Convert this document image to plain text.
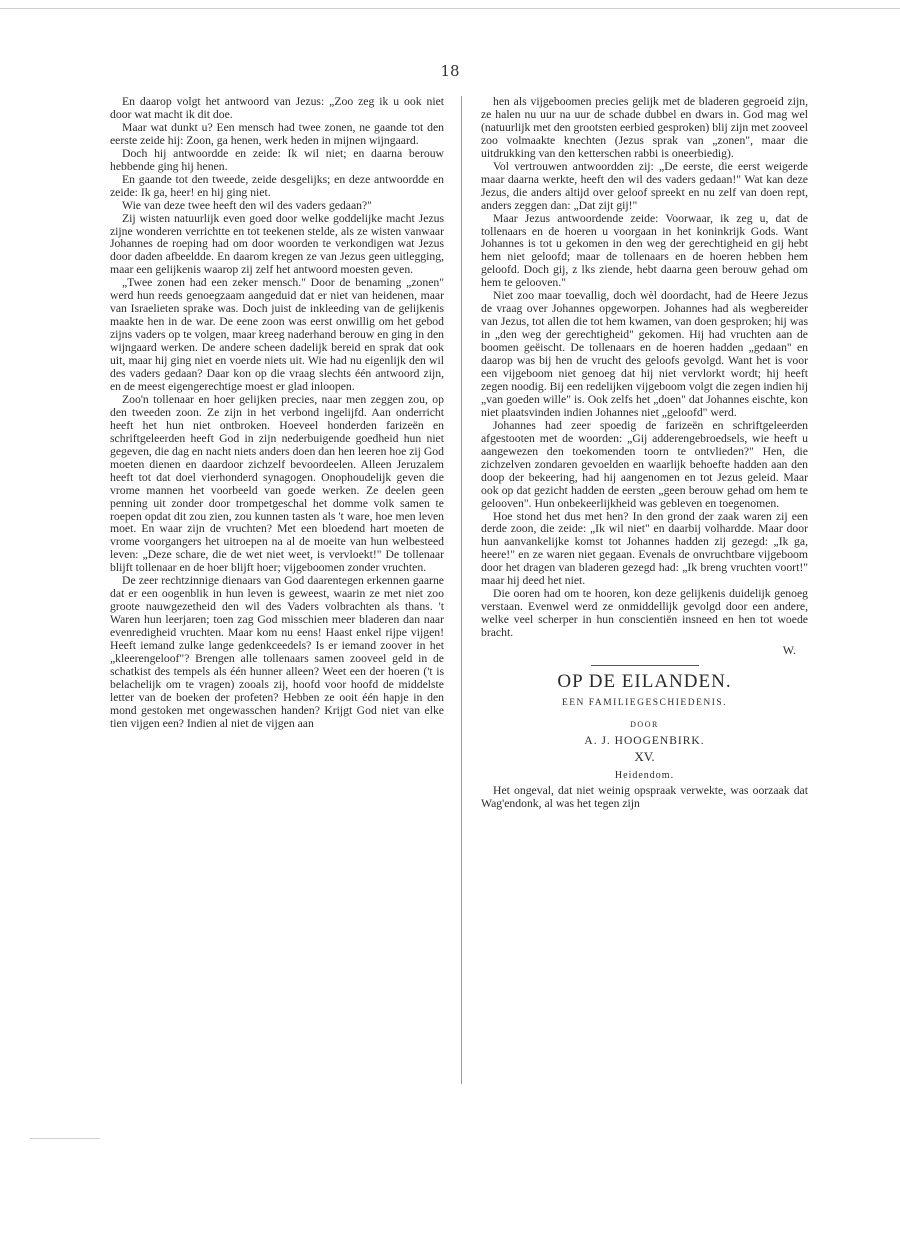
18

En daarop volgt het antwoord van Jezus: „Zoo zeg ik u ook niet door wat macht ik dit doe.

Maar wat dunkt u? Een mensch had twee zonen, ne gaande tot den eerste zeide hij: Zoon, ga henen, werk heden in mijnen wijngaard.

Doch hij antwoordde en zeide: Ik wil niet; en daarna berouw hebbende ging hij henen.

En gaande tot den tweede, zeide desgelijks; en deze antwoordde en zeide: Ik ga, heer! en hij ging niet.

Wie van deze twee heeft den wil des vaders gedaan?"

Zij wisten natuurlijk even goed door welke goddelijke macht Jezus zijne wonderen verrichtte en tot teekenen stelde, als ze wisten vanwaar Johannes de roeping had om door woorden te verkondigen wat Jezus door daden afbeeldde. En daarom kregen ze van Jezus geen uitlegging, maar een gelijkenis waarop zij zelf het antwoord moesten geven.

„Twee zonen had een zeker mensch." Door de benaming „zonen" werd hun reeds genoegzaam aangeduid dat er niet van heidenen, maar van Israelieten sprake was. Doch juist de inkleeding van de gelijkenis maakte hen in de war. De eene zoon was eerst onwillig om het gebod zijns vaders op te volgen, maar kreeg naderhand berouw en ging in den wijngaard werken. De andere scheen dadelijk bereid en sprak dat ook uit, maar hij ging niet en voerde niets uit. Wie had nu eigenlijk den wil des vaders gedaan? Daar kon op die vraag slechts één antwoord zijn, en de meest eigengerechtige moest er glad inloopen.

Zoo'n tollenaar en hoer gelijken precies, naar men zeggen zou, op den tweeden zoon. Ze zijn in het verbond ingelijfd. Aan onderricht heeft het hun niet ontbroken. Hoeveel honderden farizeën en schriftgeleerden heeft God in zijn nederbuigende goedheid hun niet gegeven, die dag en nacht niets anders doen dan hen leeren hoe zij God moeten dienen en daardoor zichzelf bevoordeelen. Alleen Jeruzalem heeft tot dat doel vierhonderd synagogen. Onophoudelijk geven die vrome mannen het voorbeeld van goede werken. Ze deelen geen penning uit zonder door trompetgeschal het domme volk samen te roepen opdat dit zou zien, zou kunnen tasten als 't ware, hoe men leven moet. En waar zijn de vruchten? Met een bloedend hart moeten de vrome voorgangers het uitroepen na al de moeite van hun welbesteed leven: „Deze schare, die de wet niet weet, is vervloekt!" De tollenaar blijft tollenaar en de hoer blijft hoer; vijgeboomen zonder vruchten.

De zeer rechtzinnige dienaars van God daarentegen erkennen gaarne dat er een oogenblik in hun leven is geweest, waarin ze met niet zoo groote nauwgezetheid den wil des Vaders volbrachten als thans. 't Waren hun leerjaren; toen zag God misschien meer bladeren dan naar evenredigheid vruchten. Maar kom nu eens! Haast enkel rijpe vijgen! Heeft iemand zulke lange gedenkceedels? Is er iemand zoover in het „kleerengeloof"? Brengen alle tollenaars samen zooveel geld in de schatkist des tempels als één hunner alleen? Weet een der hoeren ('t is belachelijk om te vragen) zooals zij, hoofd voor hoofd de middelste letter van de boeken der profeten? Hebben ze ooit één hapje in den mond gestoken met ongewasschen handen? Krijgt God niet van elke tien vijgen een? Indien al niet de vijgen aan

hen als vijgeboomen precies gelijk met de bladeren gegroeid zijn, ze halen nu uur na uur de schade dubbel en dwars in. God mag wel (natuurlijk met den grootsten eerbied gesproken) blij zijn met zooveel zoo volmaakte knechten (Jezus sprak van „zonen", maar die uitdrukking van den ketterschen rabbi is oneerbiedig).

Vol vertrouwen antwoordden zij: „De eerste, die eerst weigerde maar daarna werkte, heeft den wil des vaders gedaan!" Wat kan deze Jezus, die anders altijd over geloof spreekt en nu zelf van doen rept, anders zeggen dan: „Dat zijt gij!"

Maar Jezus antwoordende zeide: Voorwaar, ik zeg u, dat de tollenaars en de hoeren u voorgaan in het koninkrijk Gods. Want Johannes is tot u gekomen in den weg der gerechtigheid en gij hebt hem niet geloofd; maar de tollenaars en de hoeren hebben hem geloofd. Doch gij, z lks ziende, hebt daarna geen berouw gehad om hem te gelooven."

Niet zoo maar toevallig, doch wèl doordacht, had de Heere Jezus de vraag over Johannes opgeworpen. Johannes had als wegbereider van Jezus, tot allen die tot hem kwamen, van doen gesproken; hij was in „den weg der gerechtigheid" gekomen. Hij had vruchten aan de boomen geëischt. De tollenaars en de hoeren hadden „gedaan" en daarop was bij hen de vrucht des geloofs gevolgd. Want het is voor een vijgeboom niet genoeg dat hij niet vervlorkt wordt; hij heeft zegen noodig. Bij een redelijken vijgeboom volgt die zegen indien hij „van goeden wille" is. Ook zelfs het „doen" dat Johannes eischte, kon niet plaatsvinden indien Johannes niet „geloofd" werd.

Johannes had zeer spoedig de farizeën en schriftgeleerden afgestooten met de woorden: „Gij adderengebroedsels, wie heeft u aangewezen den toekomenden toorn te ontvlieden?" Hen, die zichzelven zondaren gevoelden en waarlijk behoefte hadden aan den doop der bekeering, had hij aangenomen en tot Jezus geleid. Maar ook op dat gezicht hadden de eersten „geen berouw gehad om hem te gelooven". Hun onbekeerlijkheid was gebleven en toegenomen.

Hoe stond het dus met hen? In den grond der zaak waren zij een derde zoon, die zeide: „Ik wil niet" en daarbij volhardde. Maar door hun aanvankelijke komst tot Johannes hadden zij gezegd: „Ik ga, heere!" en ze waren niet gegaan. Evenals de onvruchtbare vijgeboom door het dragen van bladeren gezegd had: „Ik breng vruchten voort!" maar hij deed het niet.

Die ooren had om te hooren, kon deze gelijkenis duidelijk genoeg verstaan. Evenwel werd ze onmiddellijk gevolgd door een andere, welke veel scherper in hun conscientiën insneed en hen tot woede bracht.

W.
OP DE EILANDEN.
EEN FAMILIEGESCHIEDENIS.
DOOR
A. J. HOOGENBIRK.
XV.
Heidendom.

Het ongeval, dat niet weinig opspraak verwekte, was oorzaak dat Wag'endonk, al was het tegen zijn
